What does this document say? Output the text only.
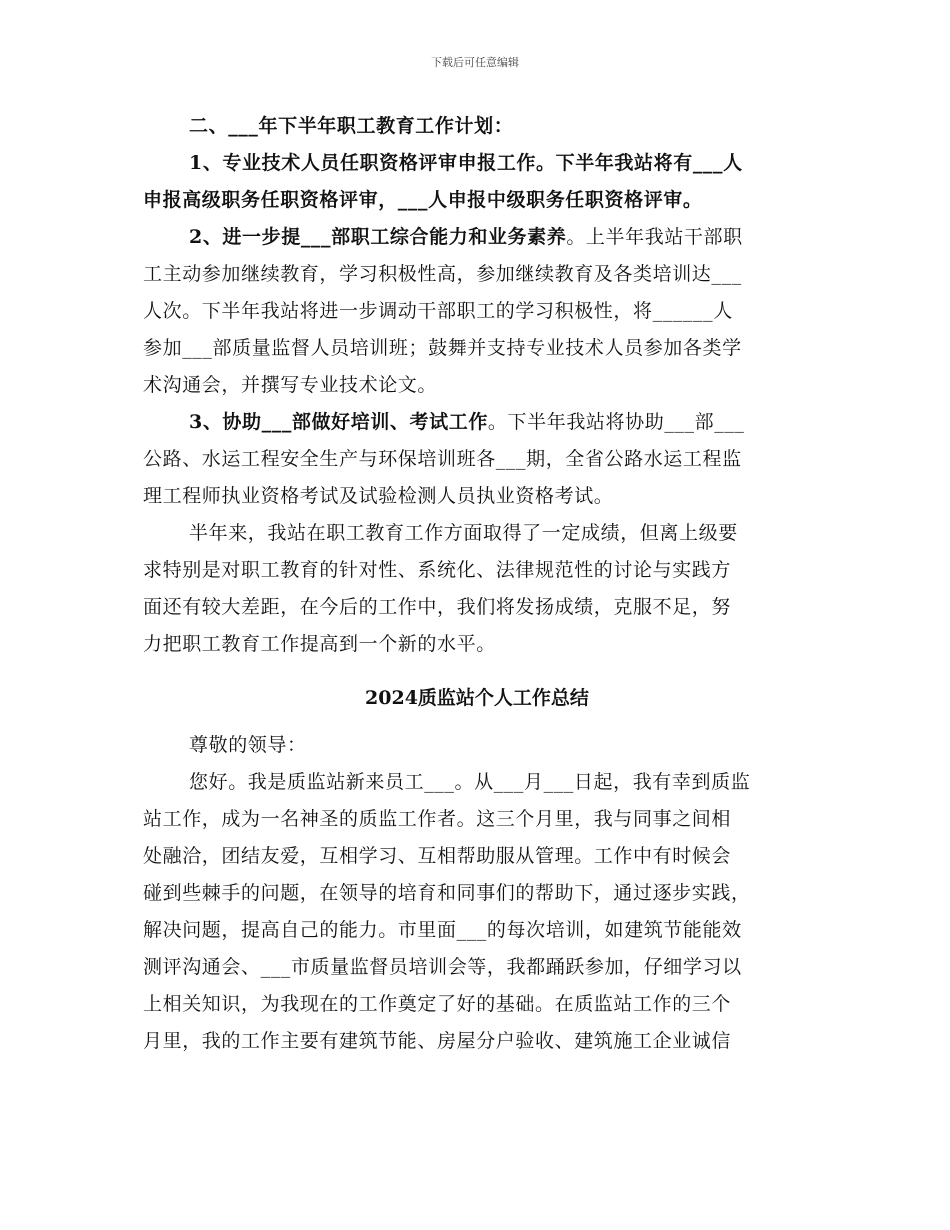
下载后可任意编辑
二、___年下半年职工教育工作计划：
1、专业技术人员任职资格评审申报工作。下半年我站将有___人
申报高级职务任职资格评审，___人申报中级职务任职资格评审。
2、进一步提___部职工综合能力和业务素养。上半年我站干部职
工主动参加继续教育，学习积极性高，参加继续教育及各类培训达___
人次。下半年我站将进一步调动干部职工的学习积极性，将______人
参加___部质量监督人员培训班；鼓舞并支持专业技术人员参加各类学
术沟通会，并撰写专业技术论文。
3、协助___部做好培训、考试工作。下半年我站将协助___部___
公路、水运工程安全生产与环保培训班各___期，全省公路水运工程监
理工程师执业资格考试及试验检测人员执业资格考试。
半年来，我站在职工教育工作方面取得了一定成绩，但离上级要
求特别是对职工教育的针对性、系统化、法律规范性的讨论与实践方
面还有较大差距，在今后的工作中，我们将发扬成绩，克服不足，努
力把职工教育工作提高到一个新的水平。
2024质监站个人工作总结
尊敬的领导：
您好。我是质监站新来员工___。从___月___日起，我有幸到质监
站工作，成为一名神圣的质监工作者。这三个月里，我与同事之间相
处融洽，团结友爱，互相学习、互相帮助服从管理。工作中有时候会
碰到些棘手的问题，在领导的培育和同事们的帮助下，通过逐步实践，
解决问题，提高自己的能力。市里面___的每次培训，如建筑节能能效
测评沟通会、___市质量监督员培训会等，我都踊跃参加，仔细学习以
上相关知识，为我现在的工作奠定了好的基础。在质监站工作的三个
月里，我的工作主要有建筑节能、房屋分户验收、建筑施工企业诚信
